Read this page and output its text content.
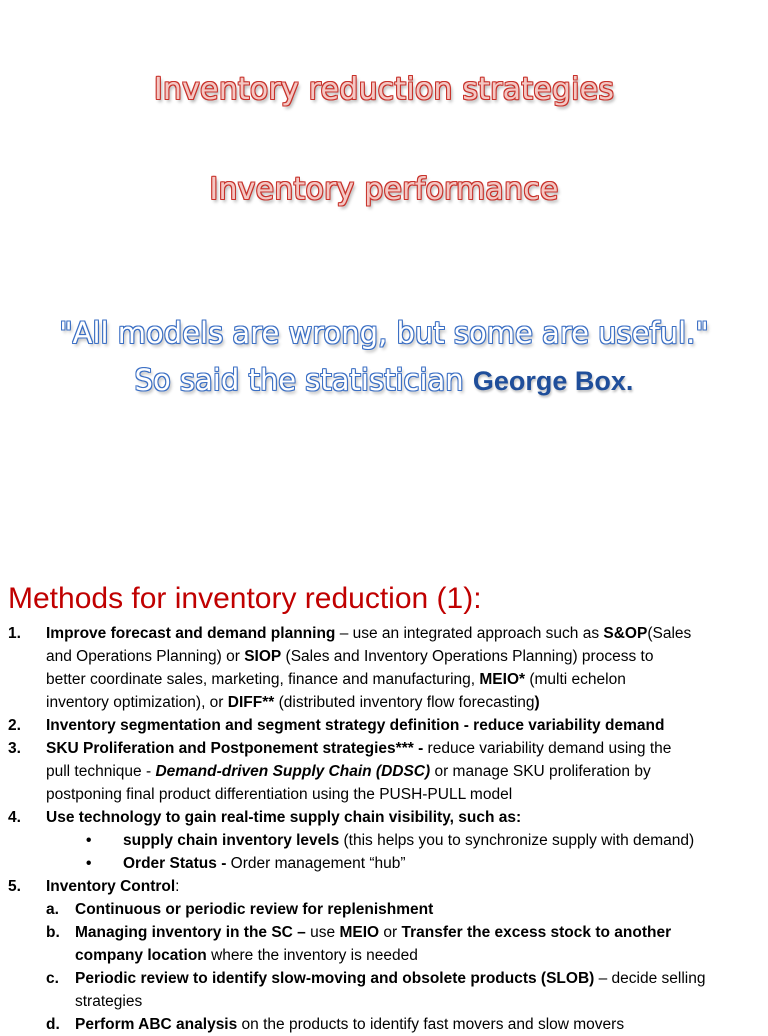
Inventory reduction strategies
Inventory performance
"All models are wrong, but some are useful."
So said the statistician George Box.
Methods for inventory reduction (1):
1. Improve forecast and demand planning – use an integrated approach such as S&OP(Sales
and Operations Planning) or SIOP (Sales and Inventory Operations Planning) process to
better coordinate sales, marketing, finance and manufacturing, MEIO* (multi echelon
inventory optimization), or DIFF** (distributed inventory flow forecasting)
2. Inventory segmentation and segment strategy definition - reduce variability demand
3. SKU Proliferation and Postponement strategies*** - reduce variability demand using the
pull technique - Demand-driven Supply Chain (DDSC) or manage SKU proliferation by
postponing final product differentiation using the PUSH-PULL model
4. Use technology to gain real-time supply chain visibility, such as:
• supply chain inventory levels (this helps you to synchronize supply with demand)
• Order Status - Order management “hub”
5. Inventory Control:
a. Continuous or periodic review for replenishment
b. Managing inventory in the SC – use MEIO or Transfer the excess stock to another
company location where the inventory is needed
c. Periodic review to identify slow-moving and obsolete products (SLOB) – decide selling
strategies
d. Perform ABC analysis on the products to identify fast movers and slow movers
